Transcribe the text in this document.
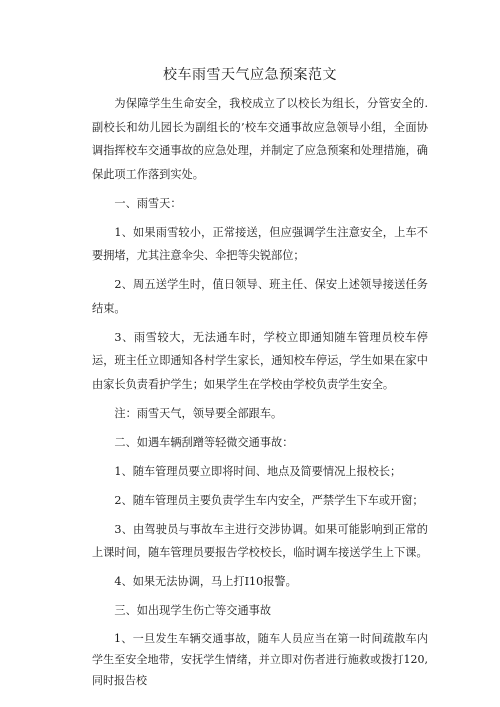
校车雨雪天气应急预案范文

为保障学生生命安全，我校成立了以校长为组长，分管安全的.副校长和幼儿园长为副组长的’校车交通事故应急领导小组，全面协调指挥校车交通事故的应急处理，并制定了应急预案和处理措施，确保此项工作落到实处。

一、雨雪天：

1、如果雨雪较小，正常接送，但应强调学生注意安全，上车不要拥堵，尤其注意伞尖、伞把等尖锐部位；

2、周五送学生时，值日领导、班主任、保安上述领导接送任务结束。

3、雨雪较大，无法通车时，学校立即通知随车管理员校车停运，班主任立即通知各村学生家长，通知校车停运，学生如果在家中由家长负责看护学生；如果学生在学校由学校负责学生安全。

注：雨雪天气，领导要全部跟车。

二、如遇车辆刮蹭等轻微交通事故：

1、随车管理员要立即将时间、地点及简要情况上报校长；

2、随车管理员主要负责学生车内安全，严禁学生下车或开窗；

3、由驾驶员与事故车主进行交涉协调。如果可能影响到正常的上课时间，随车管理员要报告学校校长，临时调车接送学生上下课。

4、如果无法协调，马上打I10报警。

三、如出现学生伤亡等交通事故

1、一旦发生车辆交通事故，随车人员应当在第一时间疏散车内学生至安全地带，安抚学生情绪，并立即对伤者进行施救或拨打120,同时报告校
